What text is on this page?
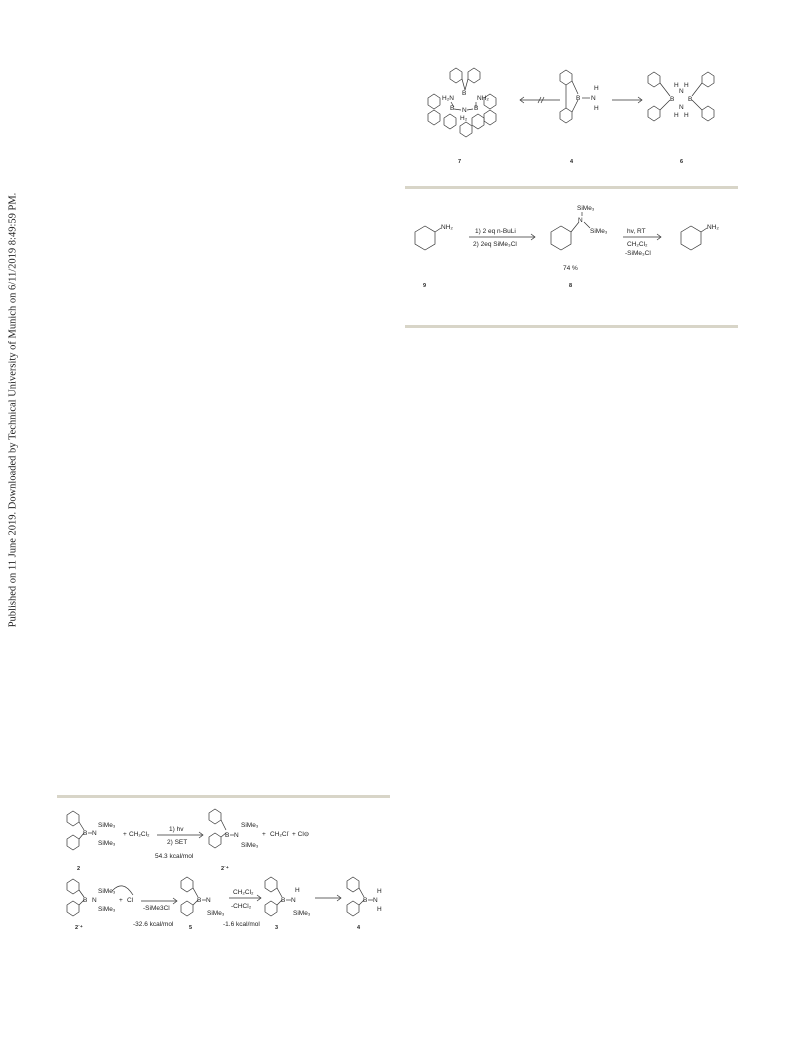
Published on 11 June 2019. Downloaded by Technical University of Munich on 6/11/2019 8:49:59 PM.
B
H₂N	NH₂
B N B
H₂
7
B N
H
H
4
B B
N
N
H H
H H
6
NH₂
9
1) 2 eq n-BuLi
2) 2eq SiMe₃Cl
N
SiMe₃
SiMe₃
74 %
8
hv, RT
CH₂Cl₂
-SiMe₃Cl
NH₂
B N
SiMe₃
SiMe₃
2
+ CH₂Cl₂
1) hv
2) SET
54.3 kcal/mol
B N
SiMe₃
SiMe₃
2˙⁺
+ CH₂Cl˙ + Cl⊖
B N
SiMe₃
SiMe₃
2˙⁺
+ Cl
-SiMe3Cl
-32.6 kcal/mol
B N
SiMe₃
5
CH₂Cl₂
-CHCl₂
-1.6 kcal/mol
B N
H
SiMe₃
3
B N
H
H
4
